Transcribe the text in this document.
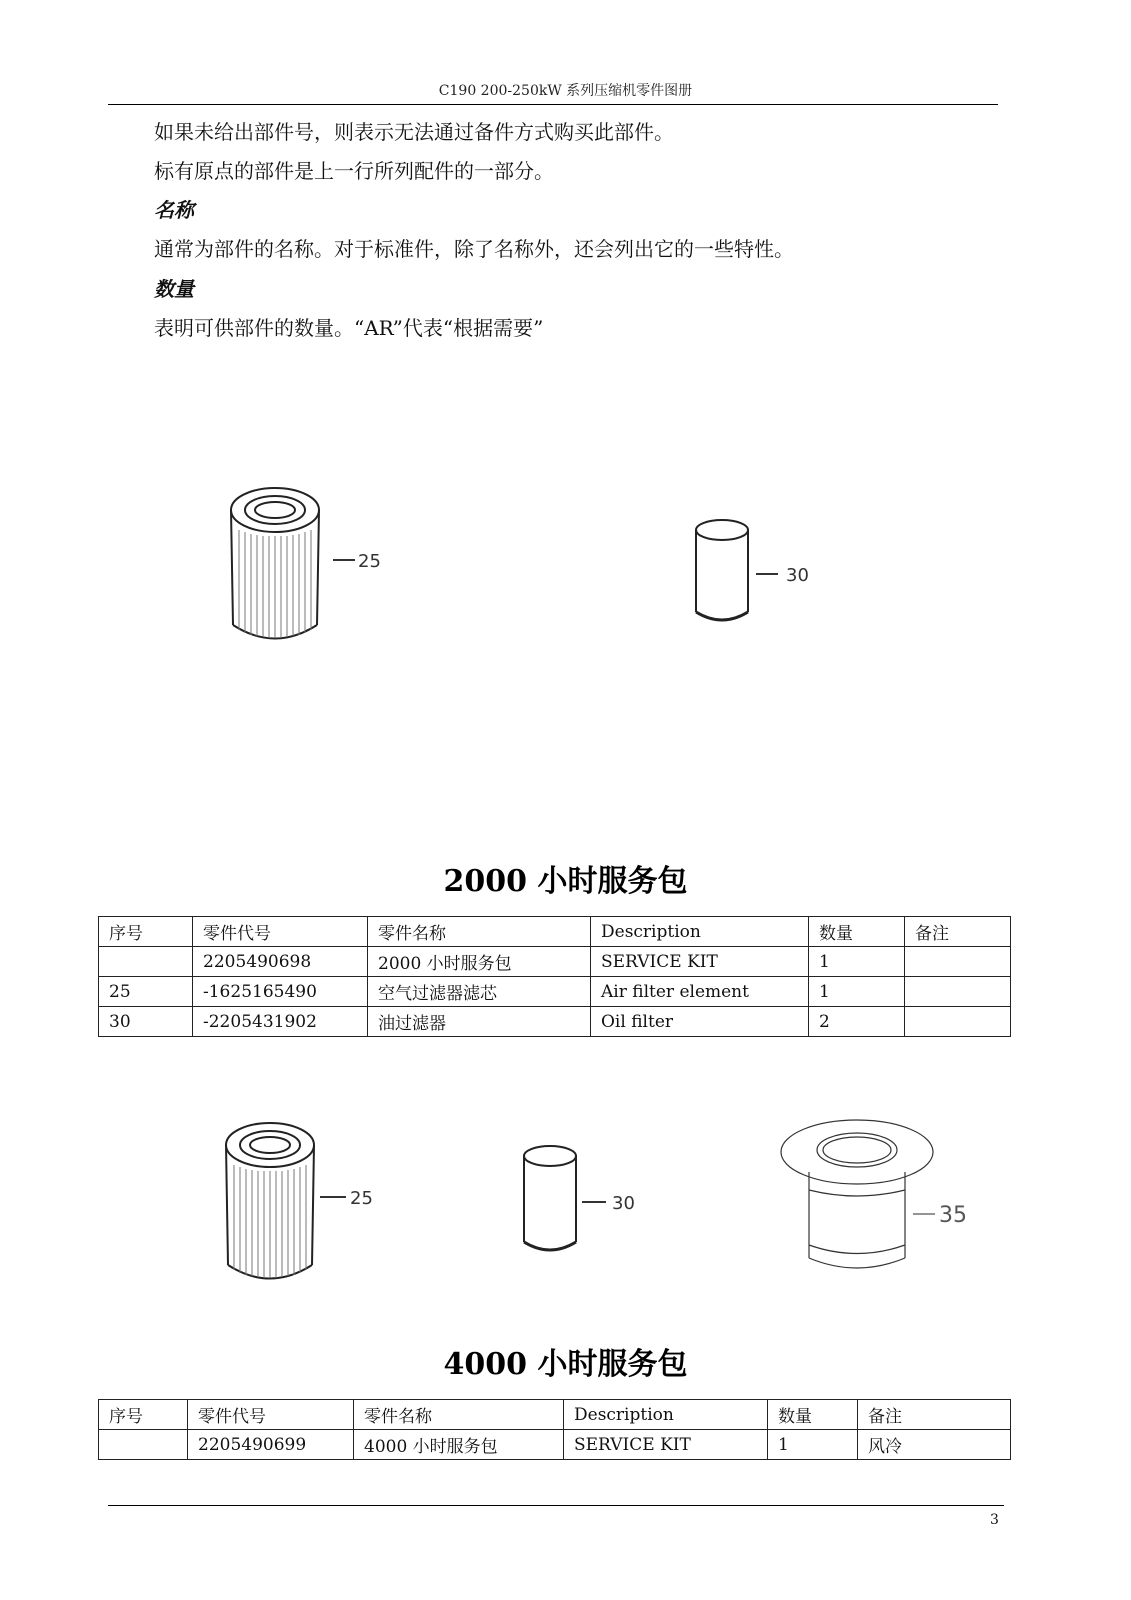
C190 200-250kW 系列压缩机零件图册
如果未给出部件号，则表示无法通过备件方式购买此部件。
标有原点的部件是上一行所列配件的一部分。
名称
通常为部件的名称。对于标准件，除了名称外，还会列出它的一些特性。
数量
表明可供部件的数量。“AR”代表“根据需要”
25
30
2000 小时服务包
序号	零件代号	零件名称	Description	数量	备注
	2205490698	2000 小时服务包	SERVICE KIT	1	
25	-1625165490	空气过滤器滤芯	Air filter element	1	
30	-2205431902	油过滤器	Oil filter	2	
25	30	35
4000 小时服务包
序号	零件代号	零件名称	Description	数量	备注
	2205490699	4000 小时服务包	SERVICE KIT	1	风冷
3
